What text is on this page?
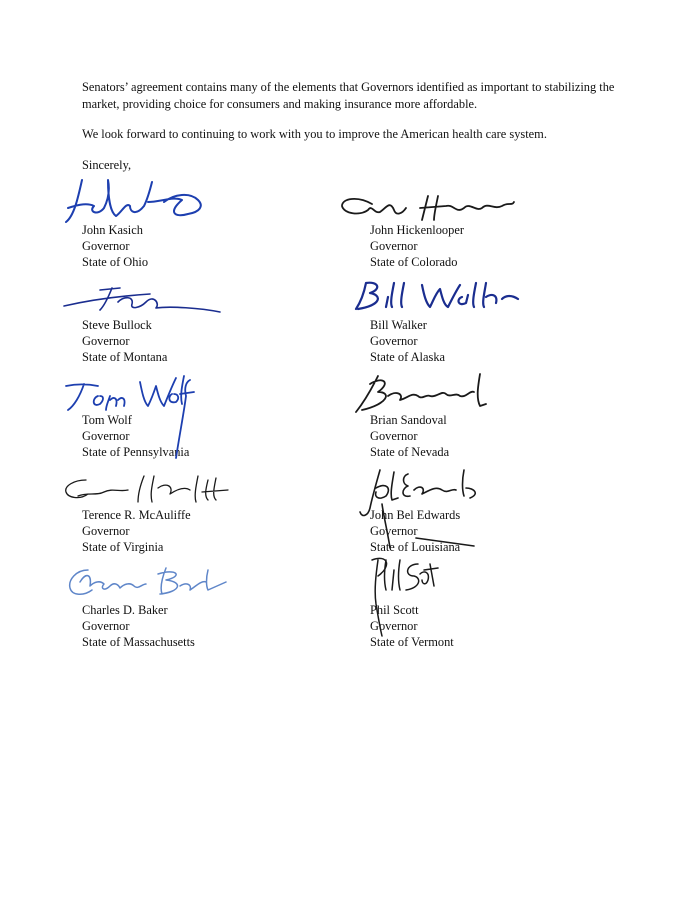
Senators’ agreement contains many of the elements that Governors identified as important to stabilizing the market, providing choice for consumers and making insurance more affordable.

We look forward to continuing to work with you to improve the American health care system.

Sincerely,
John Kasich
Governor
State of Ohio
John Hickenlooper
Governor
State of Colorado
Steve Bullock
Governor
State of Montana
Bill Walker
Governor
State of Alaska
Tom Wolf
Governor
State of Pennsylvania
Brian Sandoval
Governor
State of Nevada
Terence R. McAuliffe
Governor
State of Virginia
John Bel Edwards
Governor
State of Louisiana
Charles D. Baker
Governor
State of Massachusetts
Phil Scott
Governor
State of Vermont
